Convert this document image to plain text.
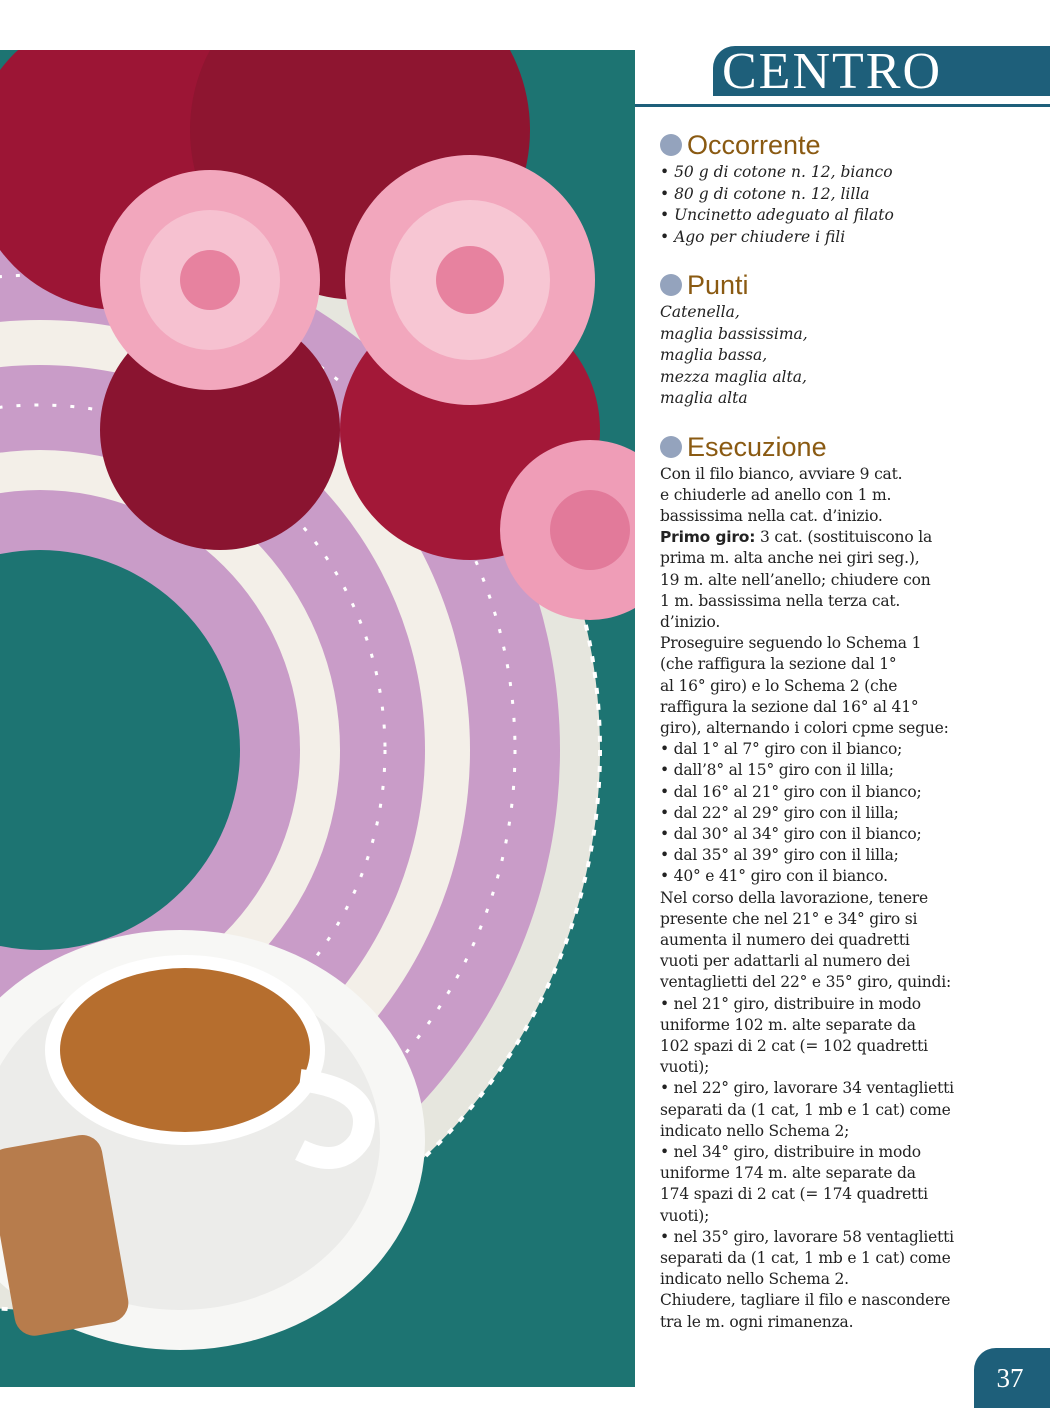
CENTRO
Occorrente
• 50 g di cotone n. 12, bianco
• 80 g di cotone n. 12, lilla
• Uncinetto adeguato al filato
• Ago per chiudere i fili
Punti
Catenella,
maglia bassissima,
maglia bassa,
mezza maglia alta,
maglia alta
Esecuzione
Con il filo bianco, avviare 9 cat.
e chiuderle ad anello con 1 m.
bassissima nella cat. d’inizio.
Primo giro: 3 cat. (sostituiscono la
prima m. alta anche nei giri seg.),
19 m. alte nell’anello; chiudere con
1 m. bassissima nella terza cat.
d’inizio.
Proseguire seguendo lo Schema 1
(che raffigura la sezione dal 1°
al 16° giro) e lo Schema 2 (che
raffigura la sezione dal 16° al 41°
giro), alternando i colori cpme segue:
• dal 1° al 7° giro con il bianco;
• dall’8° al 15° giro con il lilla;
• dal 16° al 21° giro con il bianco;
• dal 22° al 29° giro con il lilla;
• dal 30° al 34° giro con il bianco;
• dal 35° al 39° giro con il lilla;
• 40° e 41° giro con il bianco.
Nel corso della lavorazione, tenere
presente che nel 21° e 34° giro si
aumenta il numero dei quadretti
vuoti per adattarli al numero dei
ventaglietti del 22° e 35° giro, quindi:
• nel 21° giro, distribuire in modo
uniforme 102 m. alte separate da
102 spazi di 2 cat (= 102 quadretti
vuoti);
• nel 22° giro, lavorare 34 ventaglietti
separati da (1 cat, 1 mb e 1 cat) come
indicato nello Schema 2;
• nel 34° giro, distribuire in modo
uniforme 174 m. alte separate da
174 spazi di 2 cat (= 174 quadretti
vuoti);
• nel 35° giro, lavorare 58 ventaglietti
separati da (1 cat, 1 mb e 1 cat) come
indicato nello Schema 2.
Chiudere, tagliare il filo e nascondere
tra le m. ogni rimanenza.
37
